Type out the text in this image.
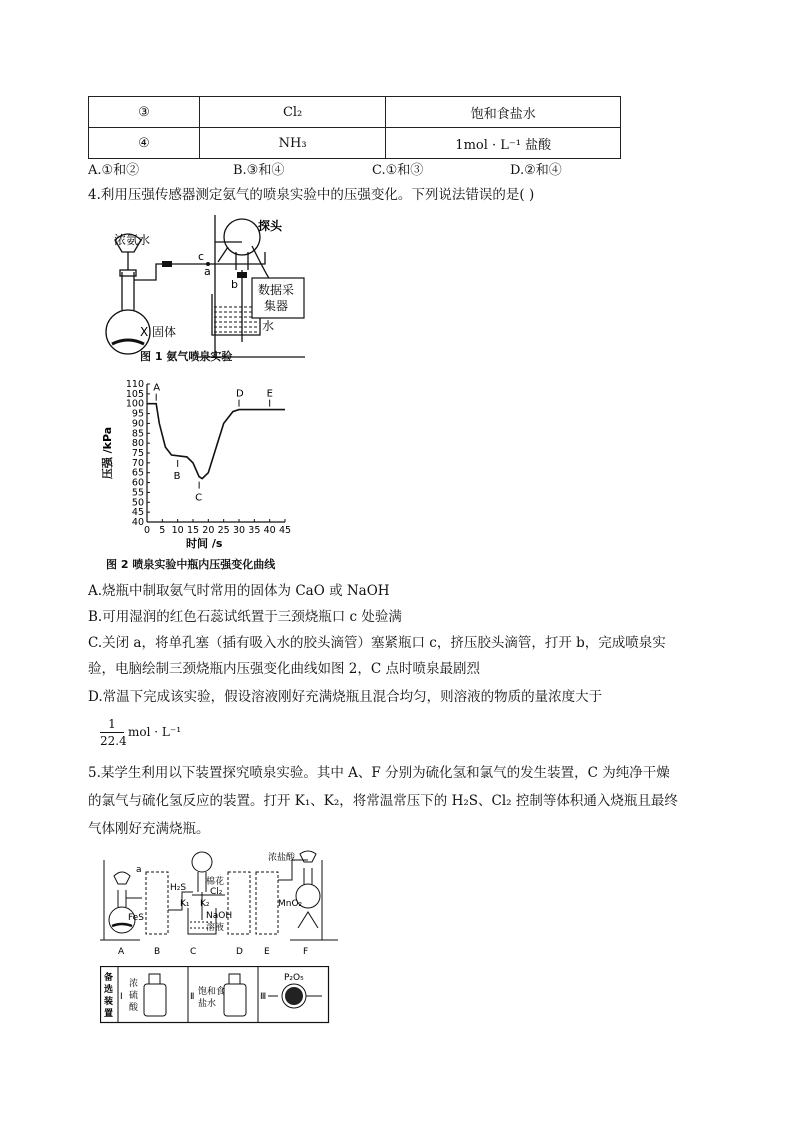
③	Cl₂	饱和食盐水
④	NH₃	1mol · L⁻¹ 盐酸
A.①和②	B.③和④	C.①和③	D.②和④
4.利用压强传感器测定氨气的喷泉实验中的压强变化。下列说法错误的是( )
浓氨水
探头
数据采
集器
X 固体	水
c
a
b
图 1 氨气喷泉实验
40
45
50
55
60
65
70
75
80
85
90
95
100
105
110
0 5 10 15 20 25 30 35 40 45
时间 /s
压强 /kPa
A
B
C
D E
图 2 喷泉实验中瓶内压强变化曲线
A.烧瓶中制取氨气时常用的固体为 CaO 或 NaOH
B.可用湿润的红色石蕊试纸置于三颈烧瓶口 c 处验满
C.关闭 a，将单孔塞（插有吸入水的胶头滴管）塞紧瓶口 c，挤压胶头滴管，打开 b，完成喷泉实
验，电脑绘制三颈烧瓶内压强变化曲线如图 2，C 点时喷泉最剧烈
D.常温下完成该实验，假设溶液刚好充满烧瓶且混合均匀，则溶液的物质的量浓度大于
1
22.4
mol · L⁻¹
5.某学生利用以下装置探究喷泉实验。其中 A、F 分别为硫化氢和氯气的发生装置，C 为纯净干燥
的氯气与硫化氢反应的装置。打开 K₁、K₂，将常温常压下的 H₂S、Cl₂ 控制等体积通入烧瓶且最终
气体刚好充满烧瓶。
a
FeS
H₂S
棉花
Cl₂
K₁ K₂
NaOH
溶液
浓盐酸
MnO₂
A	B	C	D E	F
备
选
装
置
Ⅰ
浓
硫
酸
Ⅱ 饱和食
盐水
Ⅲ
P₂O₅
